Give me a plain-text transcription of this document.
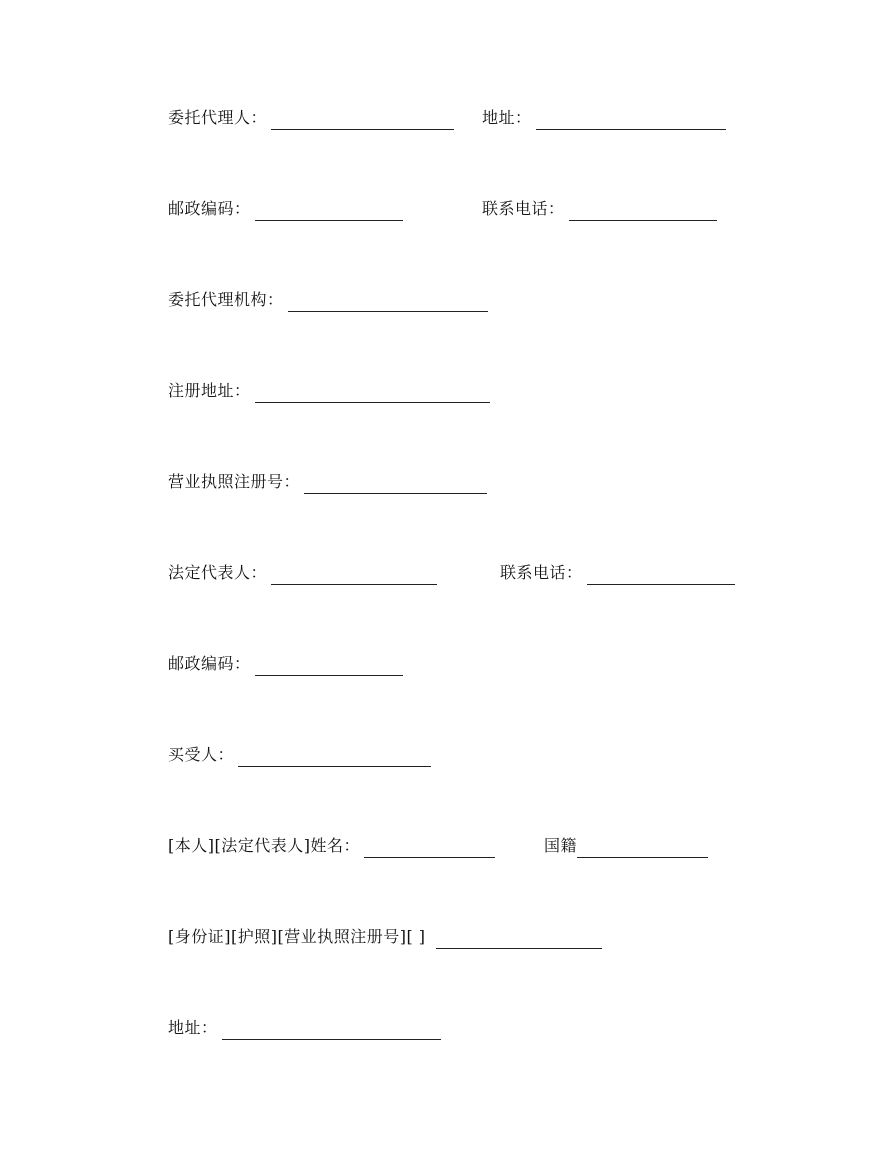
委托代理人：	地址：
邮政编码：	联系电话：
委托代理机构：
注册地址：
营业执照注册号：
法定代表人：	联系电话：
邮政编码：
买受人：
[本人][法定代表人]姓名：	国籍
[身份证][护照][营业执照注册号][ ]
地址：
